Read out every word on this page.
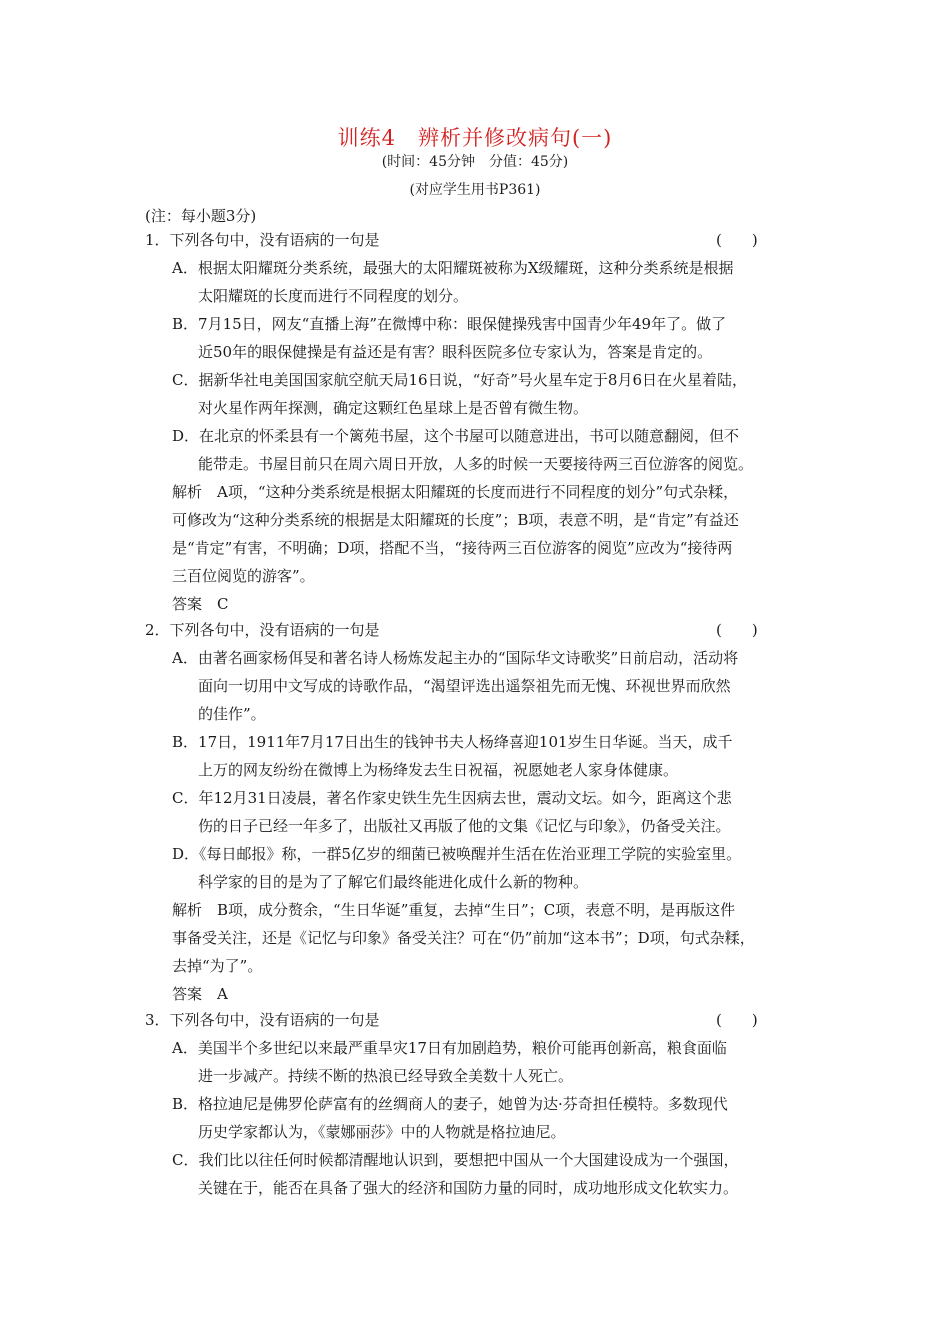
训练4　辨析并修改病句(一)
(时间：45分钟　分值：45分)
(对应学生用书P361)
(注：每小题3分)
1．下列各句中，没有语病的一句是	(　　)
A．根据太阳耀斑分类系统，最强大的太阳耀斑被称为X级耀斑，这种分类系统是根据
太阳耀斑的长度而进行不同程度的划分。
B．7月15日，网友“直播上海”在微博中称：眼保健操残害中国青少年49年了。做了
近50年的眼保健操是有益还是有害？眼科医院多位专家认为，答案是肯定的。
C．据新华社电美国国家航空航天局16日说，“好奇”号火星车定于8月6日在火星着陆，
对火星作两年探测，确定这颗红色星球上是否曾有微生物。
D．在北京的怀柔县有一个篱苑书屋，这个书屋可以随意进出，书可以随意翻阅，但不
能带走。书屋目前只在周六周日开放，人多的时候一天要接待两三百位游客的阅览。
解析　A项，“这种分类系统是根据太阳耀斑的长度而进行不同程度的划分”句式杂糅，
可修改为“这种分类系统的根据是太阳耀斑的长度”；B项，表意不明，是“肯定”有益还
是“肯定”有害，不明确；D项，搭配不当，“接待两三百位游客的阅览”应改为“接待两
三百位阅览的游客”。
答案　C
2．下列各句中，没有语病的一句是	(　　)
A．由著名画家杨佴旻和著名诗人杨炼发起主办的“国际华文诗歌奖”日前启动，活动将
面向一切用中文写成的诗歌作品，“渴望评选出遥祭祖先而无愧、环视世界而欣然
的佳作”。
B．17日，1911年7月17日出生的钱钟书夫人杨绛喜迎101岁生日华诞。当天，成千
上万的网友纷纷在微博上为杨绛发去生日祝福，祝愿她老人家身体健康。
C．年12月31日凌晨，著名作家史铁生先生因病去世，震动文坛。如今，距离这个悲
伤的日子已经一年多了，出版社又再版了他的文集《记忆与印象》，仍备受关注。
D．《每日邮报》称，一群5亿岁的细菌已被唤醒并生活在佐治亚理工学院的实验室里。
科学家的目的是为了了解它们最终能进化成什么新的物种。
解析　B项，成分赘余，“生日华诞”重复，去掉“生日”；C项，表意不明，是再版这件
事备受关注，还是《记忆与印象》备受关注？可在“仍”前加“这本书”；D项，句式杂糅，
去掉“为了”。
答案　A
3．下列各句中，没有语病的一句是	(　　)
A．美国半个多世纪以来最严重旱灾17日有加剧趋势，粮价可能再创新高，粮食面临
进一步减产。持续不断的热浪已经导致全美数十人死亡。
B．格拉迪尼是佛罗伦萨富有的丝绸商人的妻子，她曾为达·芬奇担任模特。多数现代
历史学家都认为，《蒙娜丽莎》中的人物就是格拉迪尼。
C．我们比以往任何时候都清醒地认识到，要想把中国从一个大国建设成为一个强国，
关键在于，能否在具备了强大的经济和国防力量的同时，成功地形成文化软实力。
